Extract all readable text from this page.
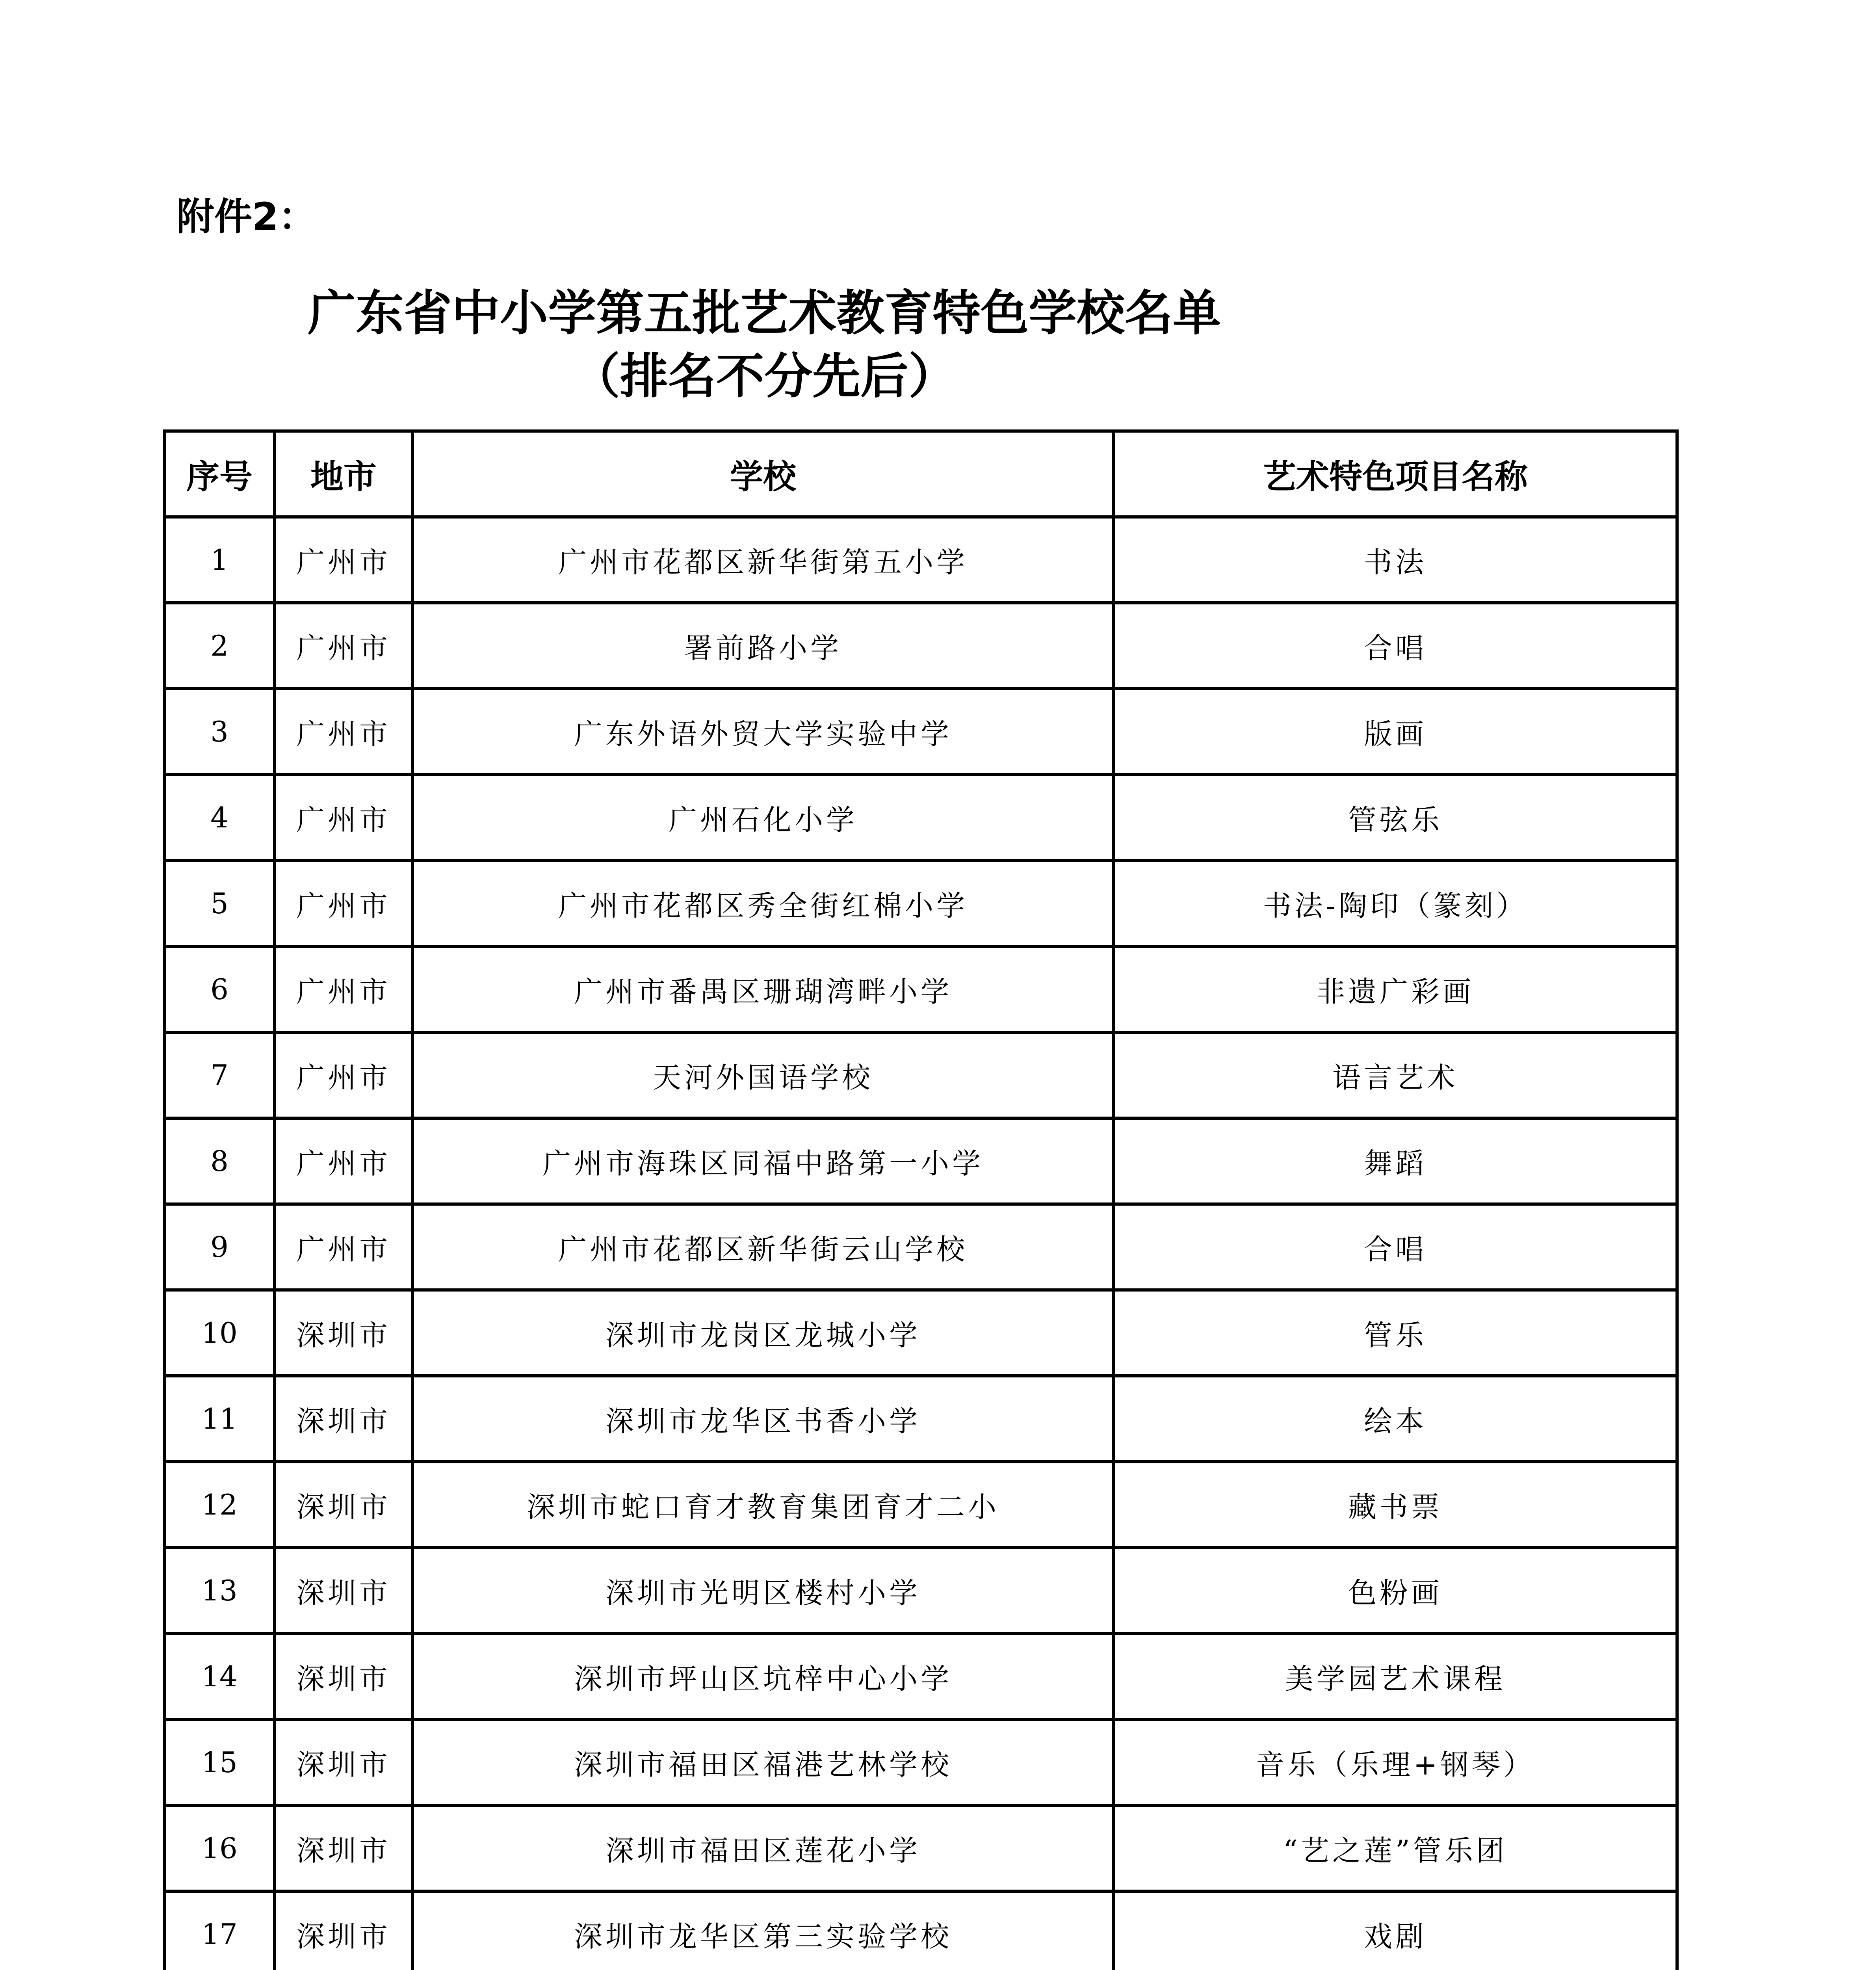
附件2：
广东省中小学第五批艺术教育特色学校名单
（排名不分先后）
序号	地市	学校	艺术特色项目名称
1	广州市	广州市花都区新华街第五小学	书法
2	广州市	署前路小学	合唱
3	广州市	广东外语外贸大学实验中学	版画
4	广州市	广州石化小学	管弦乐
5	广州市	广州市花都区秀全街红棉小学	书法-陶印（篆刻）
6	广州市	广州市番禺区珊瑚湾畔小学	非遗广彩画
7	广州市	天河外国语学校	语言艺术
8	广州市	广州市海珠区同福中路第一小学	舞蹈
9	广州市	广州市花都区新华街云山学校	合唱
10	深圳市	深圳市龙岗区龙城小学	管乐
11	深圳市	深圳市龙华区书香小学	绘本
12	深圳市	深圳市蛇口育才教育集团育才二小	藏书票
13	深圳市	深圳市光明区楼村小学	色粉画
14	深圳市	深圳市坪山区坑梓中心小学	美学园艺术课程
15	深圳市	深圳市福田区福港艺林学校	音乐（乐理+钢琴）
16	深圳市	深圳市福田区莲花小学	“艺之莲”管乐团
17	深圳市	深圳市龙华区第三实验学校	戏剧
